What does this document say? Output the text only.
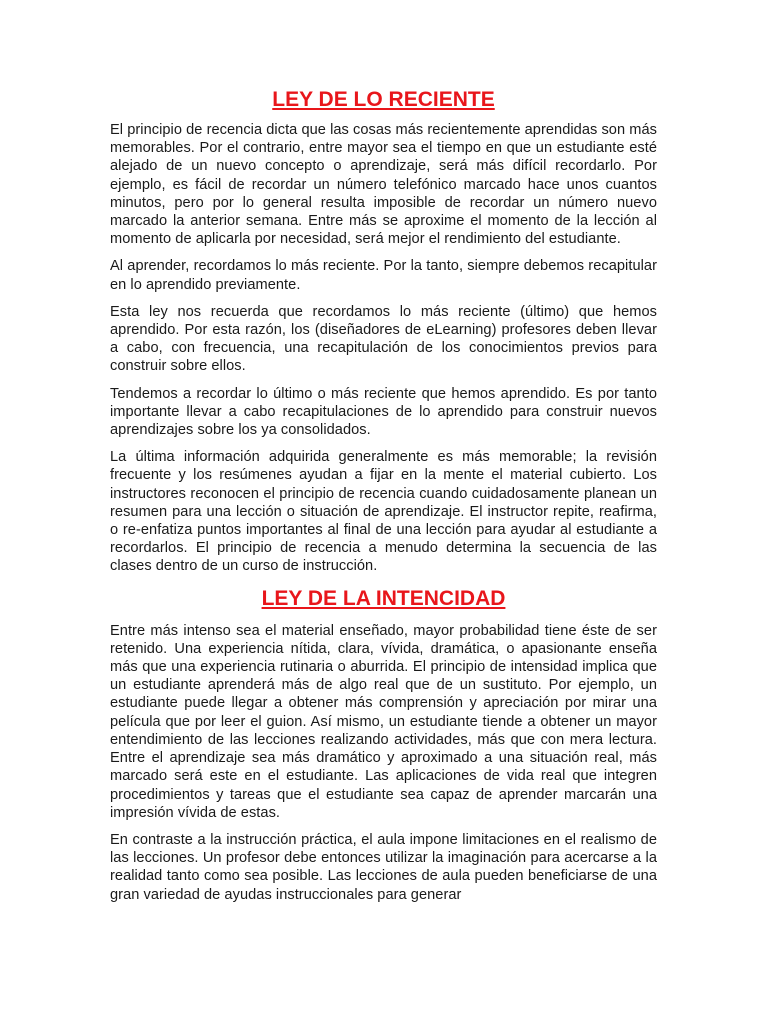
LEY DE LO RECIENTE

El principio de recencia dicta que las cosas más recientemente aprendidas son más memorables. Por el contrario, entre mayor sea el tiempo en que un estudiante esté alejado de un nuevo concepto o aprendizaje, será más difícil recordarlo. Por ejemplo, es fácil de recordar un número telefónico marcado hace unos cuantos minutos, pero por lo general resulta imposible de recordar un número nuevo marcado la anterior semana. Entre más se aproxime el momento de la lección al momento de aplicarla por necesidad, será mejor el rendimiento del estudiante.

Al aprender, recordamos lo más reciente. Por la tanto, siempre debemos recapitular en lo aprendido previamente.

Esta ley nos recuerda que recordamos lo más reciente (último) que hemos aprendido. Por esta razón, los (diseñadores de eLearning) profesores deben llevar a cabo, con frecuencia, una recapitulación de los conocimientos previos para construir sobre ellos.

Tendemos a recordar lo último o más reciente que hemos aprendido. Es por tanto importante llevar a cabo recapitulaciones de lo aprendido para construir nuevos aprendizajes sobre los ya consolidados.

La última información adquirida generalmente es más memorable; la revisión frecuente y los resúmenes ayudan a fijar en la mente el material cubierto. Los instructores reconocen el principio de recencia cuando cuidadosamente planean un resumen para una lección o situación de aprendizaje. El instructor repite, reafirma, o re-enfatiza puntos importantes al final de una lección para ayudar al estudiante a recordarlos. El principio de recencia a menudo determina la secuencia de las clases dentro de un curso de instrucción.

LEY DE LA INTENCIDAD

Entre más intenso sea el material enseñado, mayor probabilidad tiene éste de ser retenido. Una experiencia nítida, clara, vívida, dramática, o apasionante enseña más que una experiencia rutinaria o aburrida. El principio de intensidad implica que un estudiante aprenderá más de algo real que de un sustituto. Por ejemplo, un estudiante puede llegar a obtener más comprensión y apreciación por mirar una película que por leer el guion. Así mismo, un estudiante tiende a obtener un mayor entendimiento de las lecciones realizando actividades, más que con mera lectura. Entre el aprendizaje sea más dramático y aproximado a una situación real, más marcado será este en el estudiante. Las aplicaciones de vida real que integren procedimientos y tareas que el estudiante sea capaz de aprender marcarán una impresión vívida de estas.

En contraste a la instrucción práctica, el aula impone limitaciones en el realismo de las lecciones. Un profesor debe entonces utilizar la imaginación para acercarse a la realidad tanto como sea posible. Las lecciones de aula pueden beneficiarse de una gran variedad de ayudas instruccionales para generar
